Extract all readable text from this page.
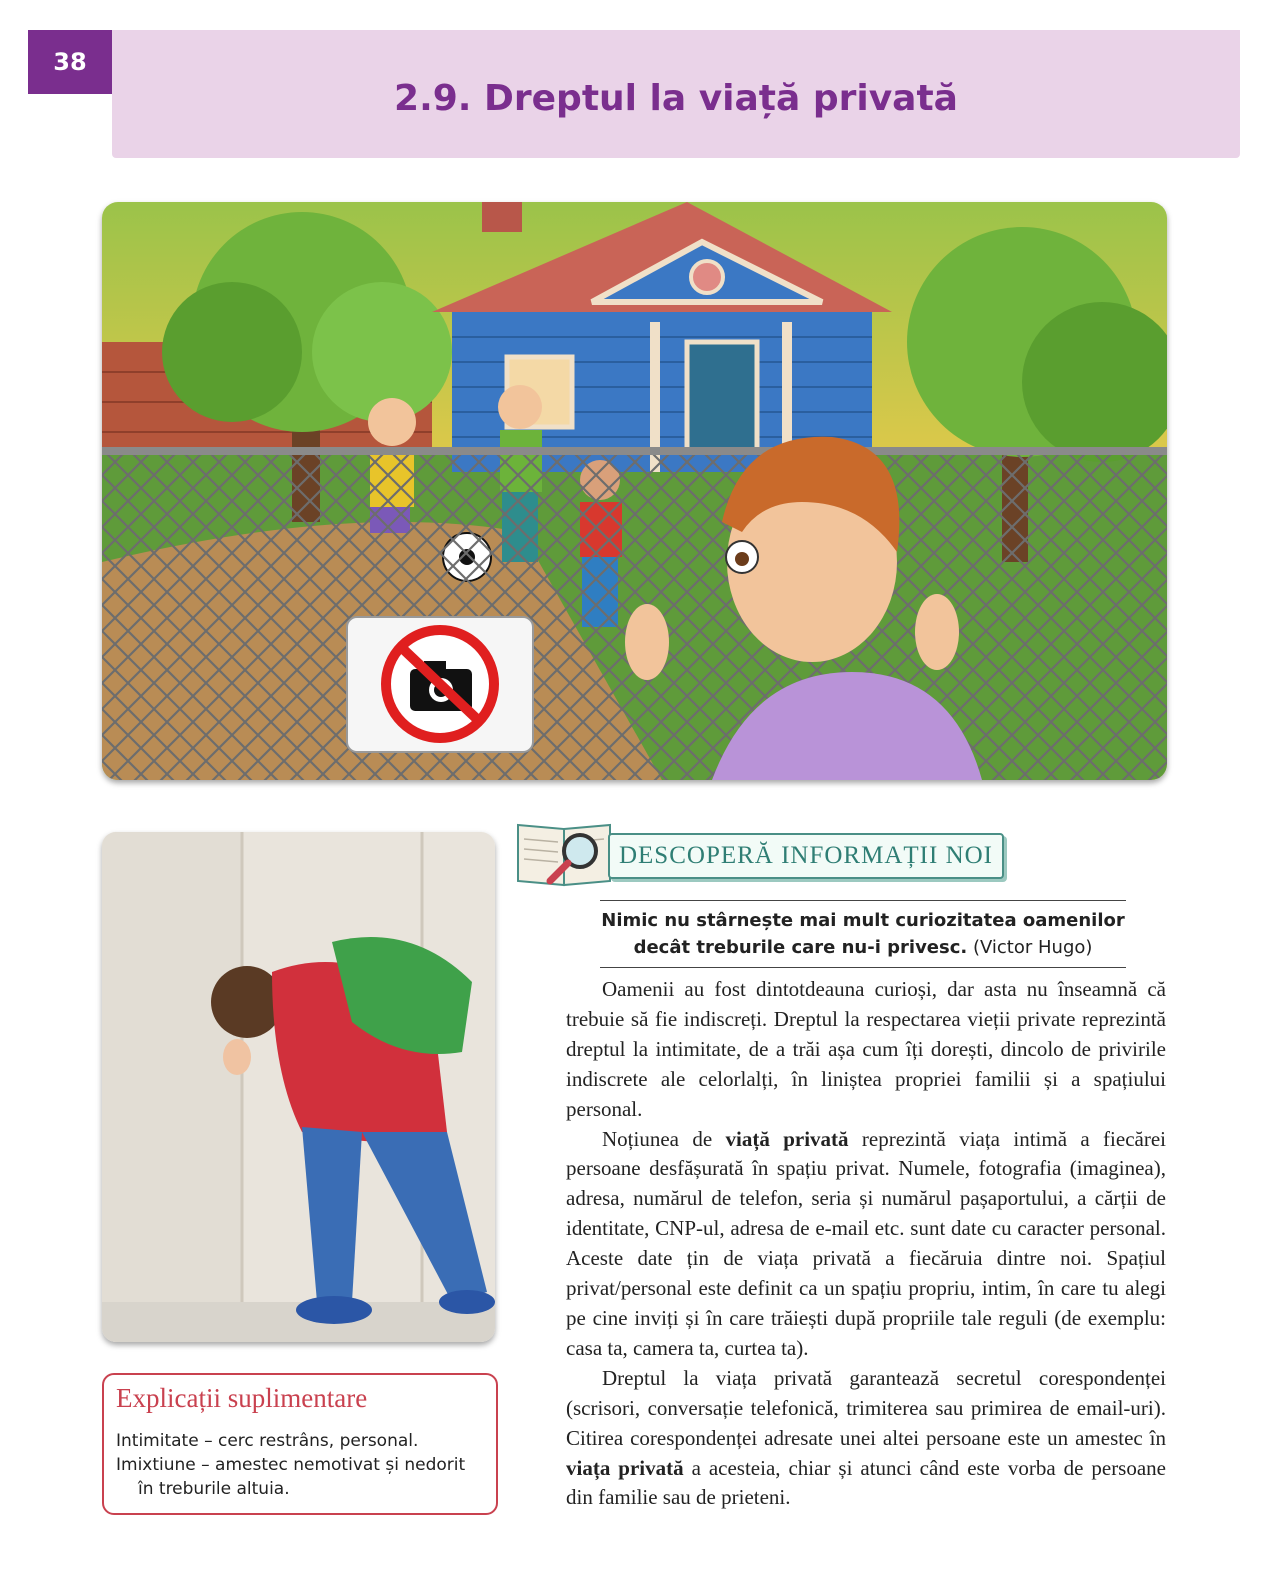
38
2.9. Dreptul la viață privată
DESCOPERĂ INFORMAȚII NOI
Nimic nu stârnește mai mult curiozitatea oamenilor
decât treburile care nu-i privesc. (Victor Hugo)

Oamenii au fost dintotdeauna curioși, dar asta nu înseamnă că trebuie să fie indiscreți. Dreptul la respectarea vieții private reprezintă dreptul la intimitate, de a trăi așa cum îți dorești, dincolo de privirile indiscrete ale celorlalți, în liniștea propriei familii și a spațiului personal.

Noțiunea de viață privată reprezintă viața intimă a fiecărei persoane desfășurată în spațiu privat. Numele, fotografia (imaginea), adresa, numărul de telefon, seria și numărul pașaportului, a cărții de identitate, CNP-ul, adresa de e-mail etc. sunt date cu caracter personal. Aceste date țin de viața privată a fiecăruia dintre noi. Spațiul privat/personal este definit ca un spațiu propriu, intim, în care tu alegi pe cine inviți și în care trăiești după propriile tale reguli (de exemplu: casa ta, camera ta, curtea ta).

Dreptul la viața privată garantează secretul corespondenței (scrisori, conversație telefonică, trimiterea sau primirea de email-uri). Citirea corespondenței adresate unei altei persoane este un amestec în viața privată a acesteia, chiar și atunci când este vorba de persoane din familie sau de prieteni.

Explicații suplimentare
Intimitate – cerc restrâns, personal.
Imixtiune – amestec nemotivat și nedorit
în treburile altuia.
